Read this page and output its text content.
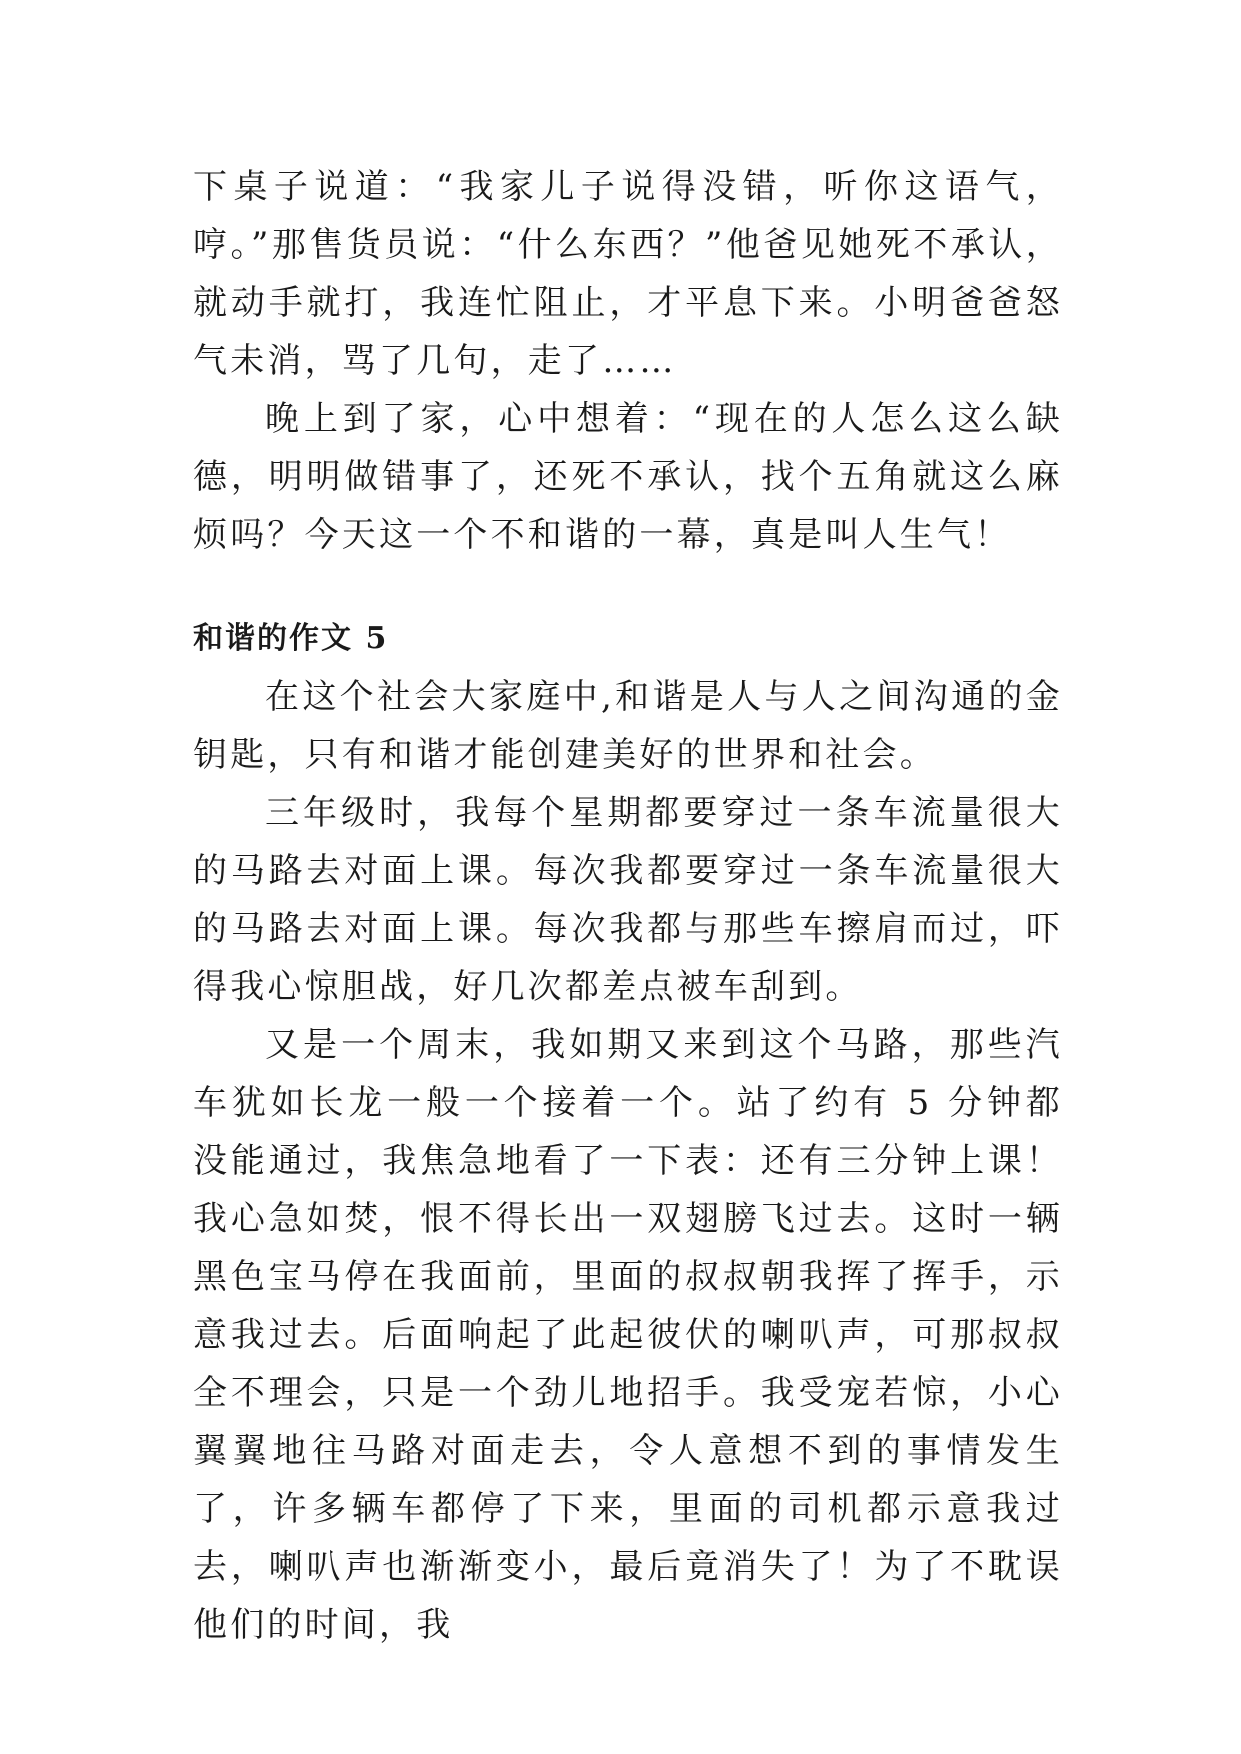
下桌子说道：“我家儿子说得没错，听你这语气，哼。”那售货员说：“什么东西？”他爸见她死不承认，就动手就打，我连忙阻止，才平息下来。小明爸爸怒气未消，骂了几句，走了……

晚上到了家，心中想着：“现在的人怎么这么缺德，明明做错事了，还死不承认，找个五角就这么麻烦吗？今天这一个不和谐的一幕，真是叫人生气！

和谐的作文 5

在这个社会大家庭中,和谐是人与人之间沟通的金钥匙，只有和谐才能创建美好的世界和社会。

三年级时，我每个星期都要穿过一条车流量很大的马路去对面上课。每次我都要穿过一条车流量很大的马路去对面上课。每次我都与那些车擦肩而过，吓得我心惊胆战，好几次都差点被车刮到。

又是一个周末，我如期又来到这个马路，那些汽车犹如长龙一般一个接着一个。站了约有 5 分钟都没能通过，我焦急地看了一下表：还有三分钟上课！我心急如焚，恨不得长出一双翅膀飞过去。这时一辆黑色宝马停在我面前，里面的叔叔朝我挥了挥手，示意我过去。后面响起了此起彼伏的喇叭声，可那叔叔全不理会，只是一个劲儿地招手。我受宠若惊，小心翼翼地往马路对面走去，令人意想不到的事情发生了，许多辆车都停了下来，里面的司机都示意我过去，喇叭声也渐渐变小，最后竟消失了！为了不耽误他们的时间，我
